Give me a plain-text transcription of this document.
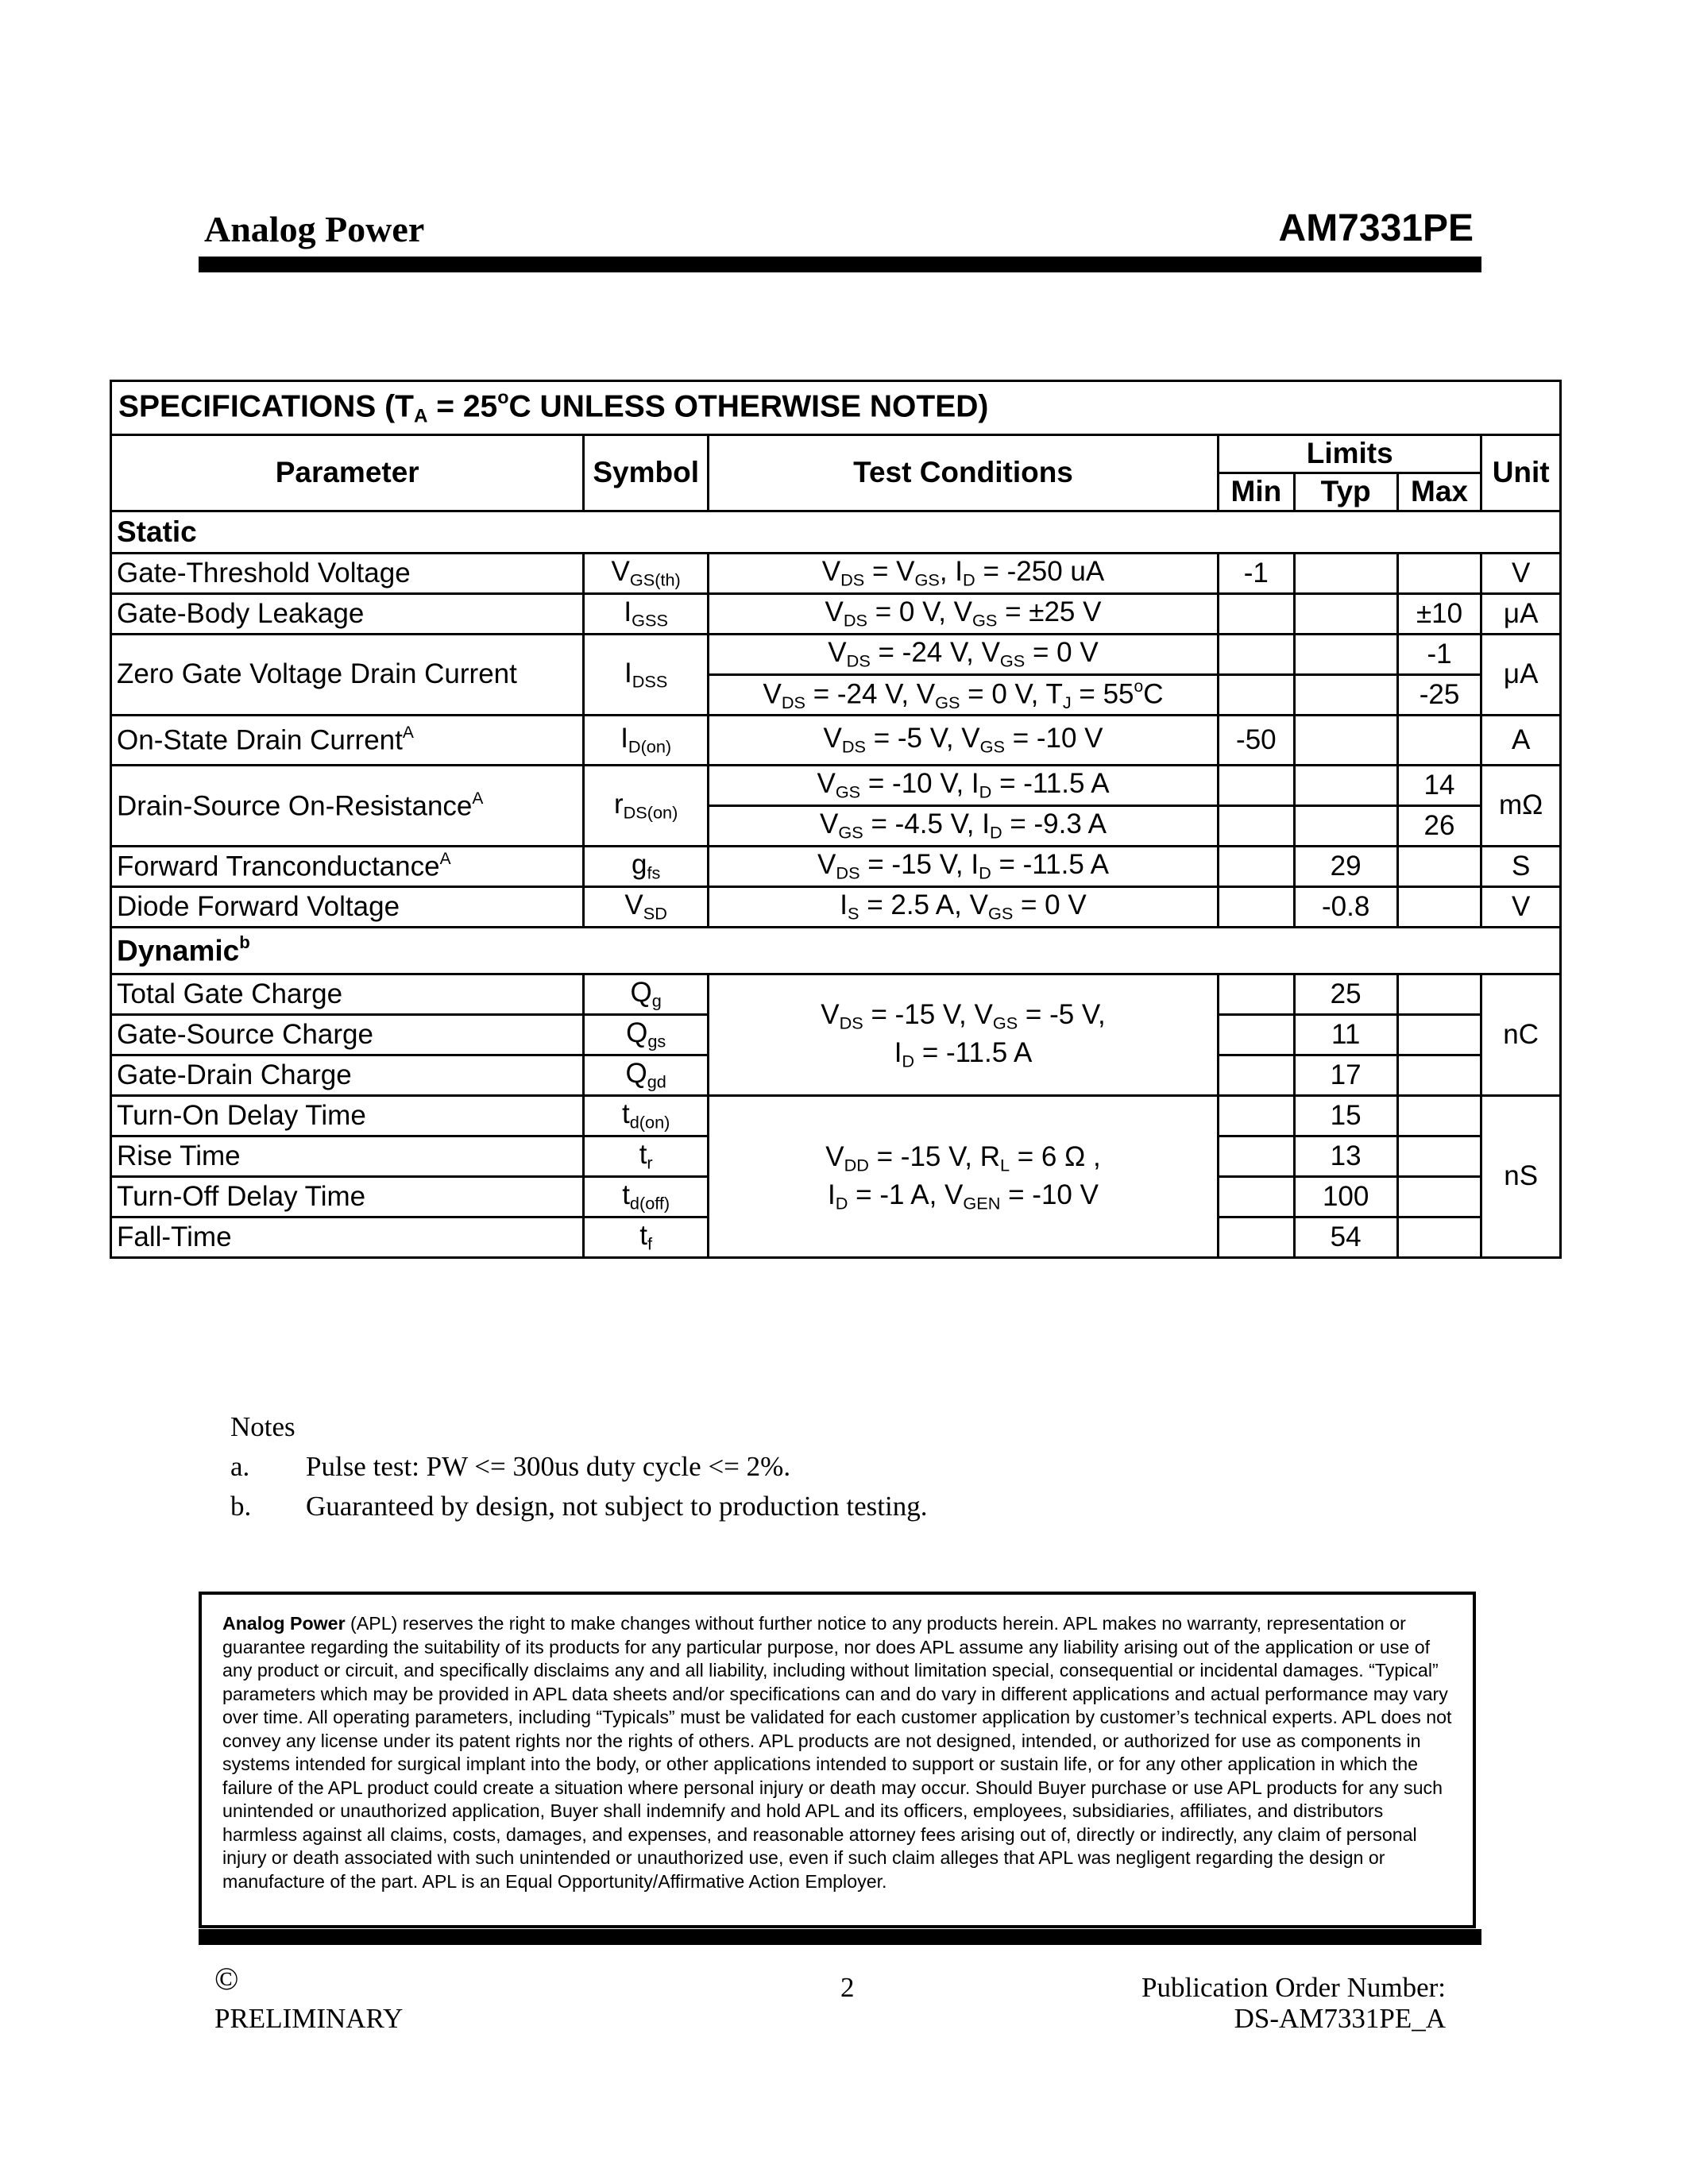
Analog Power	AM7331PE
SPECIFICATIONS ($T_A = 25^oC$ UNLESS OTHERWISE NOTED)						
Parameter	Symbol	Test Conditions	Limits			Unit
			Min	Typ	Max	
Static						
Gate-Threshold Voltage	$V_{GS(th)}$	$V_{DS} = V_{GS}$, $I_D = -250$ uA	-1			V
Gate-Body Leakage	$I_{GSS}$	$V_{DS} = 0$ V, $V_{GS} = \pm 25$ V			±10	μA
Zero Gate Voltage Drain Current	$I_{DSS}$	$V_{DS} = -24$ V, $V_{GS} = 0$ V			-1	μA
		$V_{DS} = -24$ V, $V_{GS} = 0$ V, $T_J = 55^oC$			-25	
On-State Drain Current$^A$	$I_{D(on)}$	$V_{DS} = -5$ V, $V_{GS} = -10$ V	-50			A
Drain-Source On-Resistance$^A$	$r_{DS(on)}$	$V_{GS} = -10$ V, $I_D = -11.5$ A			14	mΩ
		$V_{GS} = -4.5$ V, $I_D = -9.3$ A			26	
Forward Tranconductance$^A$	$g_{fs}$	$V_{DS} = -15$ V, $I_D = -11.5$ A		29		S
Diode Forward Voltage	$V_{SD}$	$I_S = 2.5$ A, $V_{GS} = 0$ V		-0.8		V
Dynamic$^b$
Total Gate Charge	$Q_g$	$V_{DS} = -15$ V, $V_{GS} = -5$ V,
$I_D = -11.5$ A		25		nC
Gate-Source Charge	$Q_{gs}$			11		
Gate-Drain Charge	$Q_{gd}$			17		
Turn-On Delay Time	$t_{d(on)}$	$V_{DD} = -15$ V, $R_L = 6$ Ω ,
$I_D = -1$ A, $V_{GEN} = -10$ V		15		nS
Rise Time	$t_r$			13		
Turn-Off Delay Time	$t_{d(off)}$			100		
Fall-Time	$t_f$			54		
Notes
a. Pulse test: PW <= 300us duty cycle <= 2%.
b. Guaranteed by design, not subject to production testing.
Analog Power (APL) reserves the right to make changes without further notice to any products herein. APL makes no warranty, representation or guarantee regarding the suitability of its products for any particular purpose, nor does APL assume any liability arising out of the application or use of any product or circuit, and specifically disclaims any and all liability, including without limitation special, consequential or incidental damages. “Typical” parameters which may be provided in APL data sheets and/or specifications can and do vary in different applications and actual performance may vary over time. All operating parameters, including “Typicals” must be validated for each customer application by customer’s technical experts. APL does not convey any license under its patent rights nor the rights of others. APL products are not designed, intended, or authorized for use as components in systems intended for surgical implant into the body, or other applications intended to support or sustain life, or for any other application in which the failure of the APL product could create a situation where personal injury or death may occur. Should Buyer purchase or use APL products for any such unintended or unauthorized application, Buyer shall indemnify and hold APL and its officers, employees, subsidiaries, affiliates, and distributors harmless against all claims, costs, damages, and expenses, and reasonable attorney fees arising out of, directly or indirectly, any claim of personal injury or death associated with such unintended or unauthorized use, even if such claim alleges that APL was negligent regarding the design or manufacture of the part. APL is an Equal Opportunity/Affirmative Action Employer.
©
PRELIMINARY
2	Publication Order Number:
DS-AM7331PE_A
